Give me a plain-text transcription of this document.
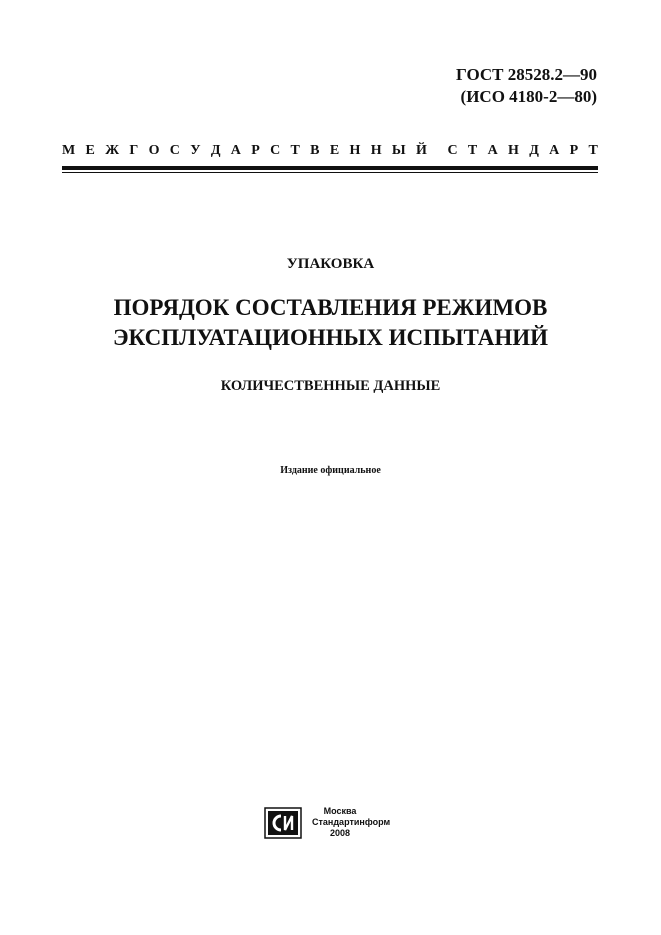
ГОСТ 28528.2—90
(ИСО 4180-2—80)
М Е Ж Г О С У Д А Р С Т В Е Н Н Ы Й С Т А Н Д А Р Т
УПАКОВКА
ПОРЯДОК СОСТАВЛЕНИЯ РЕЖИМОВ
ЭКСПЛУАТАЦИОННЫХ ИСПЫТАНИЙ
КОЛИЧЕСТВЕННЫЕ ДАННЫЕ
Издание официальное
Москва
Стандартинформ
2008
